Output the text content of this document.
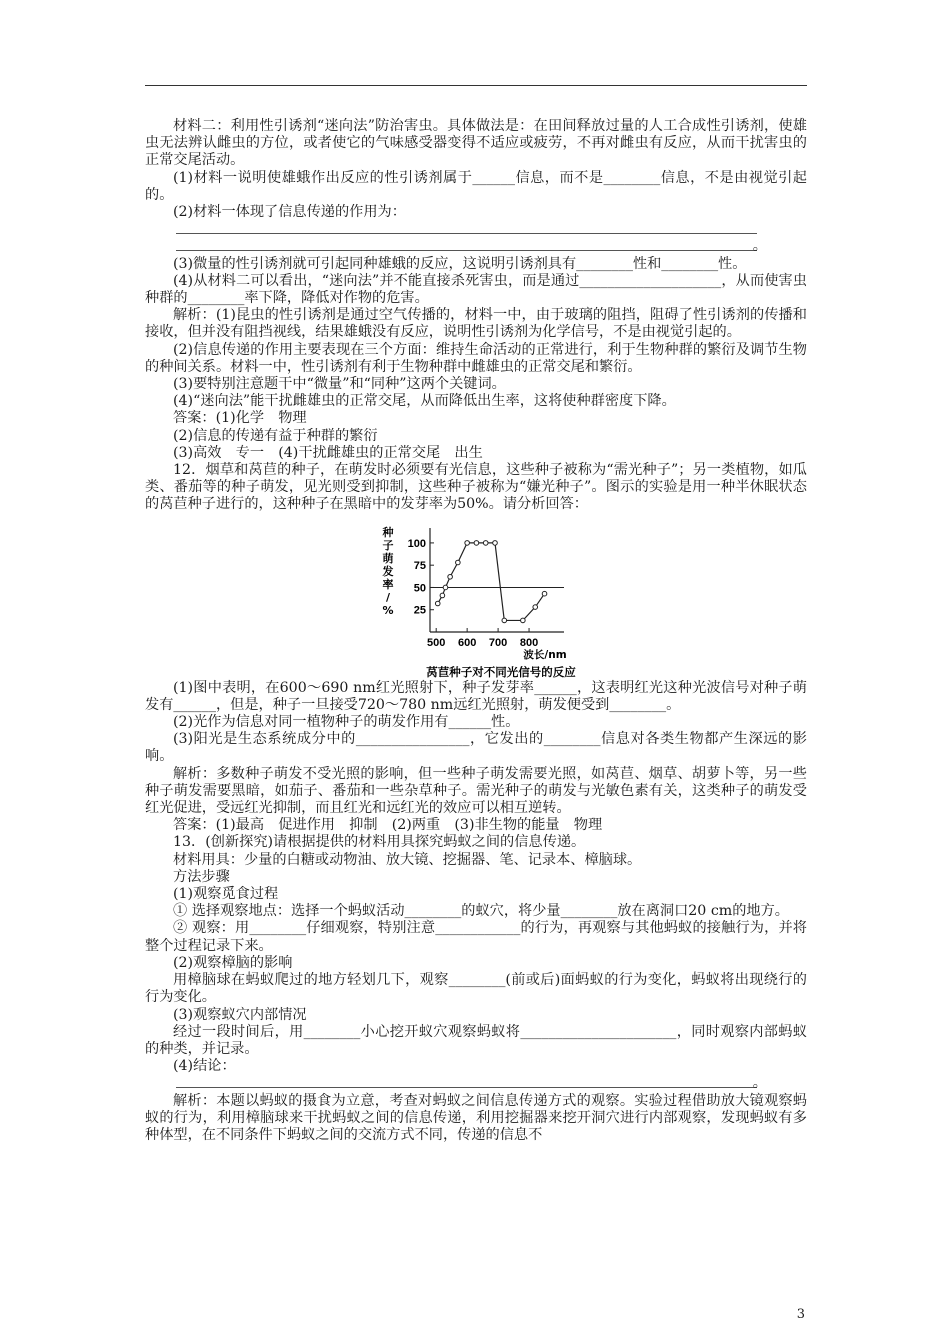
材料二：利用性引诱剂“迷向法”防治害虫。具体做法是：在田间释放过量的人工合成性引诱剂，使雄虫无法辨认雌虫的方位，或者使它的气味感受器变得不适应或疲劳，不再对雌虫有反应，从而干扰害虫的正常交尾活动。

(1)材料一说明使雄蛾作出反应的性引诱剂属于______信息，而不是________信息，不是由视觉引起的。

(2)材料一体现了信息传递的作用为：

。

(3)微量的性引诱剂就可引起同种雄蛾的反应，这说明引诱剂具有________性和________性。

(4)从材料二可以看出，“迷向法”并不能直接杀死害虫，而是通过____________________，从而使害虫种群的________率下降，降低对作物的危害。

解析：(1)昆虫的性引诱剂是通过空气传播的，材料一中，由于玻璃的阻挡，阻碍了性引诱剂的传播和接收，但并没有阻挡视线，结果雄蛾没有反应，说明性引诱剂为化学信号，不是由视觉引起的。

(2)信息传递的作用主要表现在三个方面：维持生命活动的正常进行，利于生物种群的繁衍及调节生物的种间关系。材料一中，性引诱剂有利于生物种群中雌雄虫的正常交尾和繁衍。

(3)要特别注意题干中“微量”和“同种”这两个关键词。

(4)“迷向法”能干扰雌雄虫的正常交尾，从而降低出生率，这将使种群密度下降。

答案：(1)化学　物理

(2)信息的传递有益于种群的繁衍

(3)高效　专一　(4)干扰雌雄虫的正常交尾　出生

12．烟草和莴苣的种子，在萌发时必须要有光信息，这些种子被称为“需光种子”；另一类植物，如瓜类、番茄等的种子萌发，见光则受到抑制，这些种子被称为“嫌光种子”。图示的实验是用一种半休眠状态的莴苣种子进行的，这种种子在黑暗中的发芽率为50%。请分析回答：

25
50
75
100
500 600 700 800
种
子
萌
发
率
/
%
波长/nm
莴苣种子对不同光信号的反应

(1)图中表明，在600～690 nm红光照射下，种子发芽率______，这表明红光这种光波信号对种子萌发有______，但是，种子一旦接受720～780 nm远红光照射，萌发便受到________。

(2)光作为信息对同一植物种子的萌发作用有______性。

(3)阳光是生态系统成分中的________________，它发出的________信息对各类生物都产生深远的影响。

解析：多数种子萌发不受光照的影响，但一些种子萌发需要光照，如莴苣、烟草、胡萝卜等，另一些种子萌发需要黑暗，如茄子、番茄和一些杂草种子。需光种子的萌发与光敏色素有关，这类种子的萌发受红光促进，受远红光抑制，而且红光和远红光的效应可以相互逆转。

答案：(1)最高　促进作用　抑制　(2)两重　(3)非生物的能量　物理

13．(创新探究)请根据提供的材料用具探究蚂蚁之间的信息传递。

材料用具：少量的白糖或动物油、放大镜、挖掘器、笔、记录本、樟脑球。

方法步骤

(1)观察觅食过程

① 选择观察地点：选择一个蚂蚁活动________的蚁穴，将少量________放在离洞口20 cm的地方。

② 观察：用________仔细观察，特别注意____________的行为，再观察与其他蚂蚁的接触行为，并将整个过程记录下来。

(2)观察樟脑的影响

用樟脑球在蚂蚁爬过的地方轻划几下，观察________(前或后)面蚂蚁的行为变化，蚂蚁将出现绕行的行为变化。

(3)观察蚁穴内部情况

经过一段时间后，用________小心挖开蚁穴观察蚂蚁将______________________，同时观察内部蚂蚁的种类，并记录。

(4)结论：

。

解析：本题以蚂蚁的摄食为立意，考查对蚂蚁之间信息传递方式的观察。实验过程借助放大镜观察蚂蚁的行为，利用樟脑球来干扰蚂蚁之间的信息传递，利用挖掘器来挖开洞穴进行内部观察，发现蚂蚁有多种体型，在不同条件下蚂蚁之间的交流方式不同，传递的信息不

3
